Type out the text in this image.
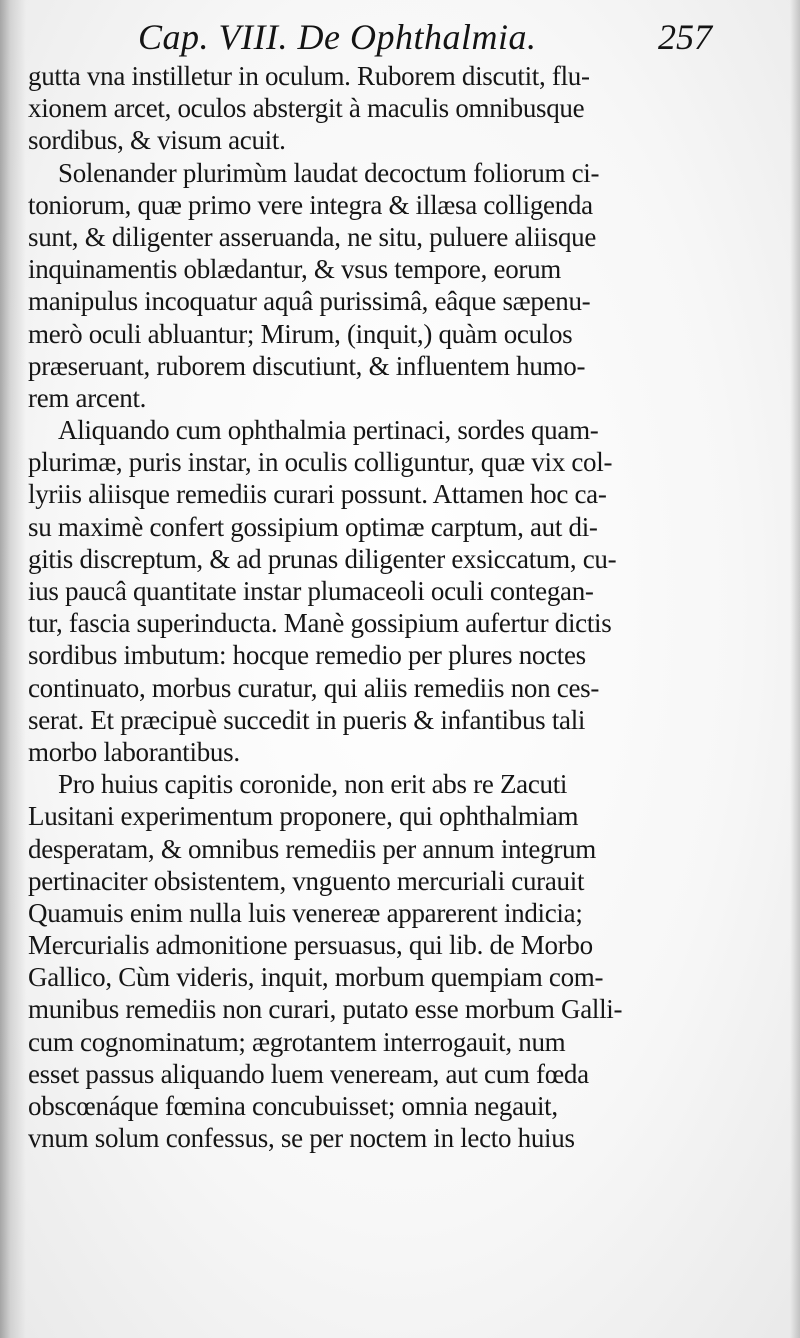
Cap. VIII. De Ophthalmia.	257
gutta vna instilletur in oculum. Ruborem discutit, flu-
xionem arcet, oculos abstergit à maculis omnibusque
sordibus, & visum acuit.
Solenander plurimùm laudat decoctum foliorum ci-
toniorum, quæ primo vere integra & illæsa colligenda
sunt, & diligenter asseruanda, ne situ, puluere aliisque
inquinamentis oblædantur, & vsus tempore, eorum
manipulus incoquatur aquâ purissimâ, eâque sæpenu-
merò oculi abluantur; Mirum, (inquit,) quàm oculos
præseruant, ruborem discutiunt, & influentem humo-
rem arcent.
Aliquando cum ophthalmia pertinaci, sordes quam-
plurimæ, puris instar, in oculis colliguntur, quæ vix col-
lyriis aliisque remediis curari possunt. Attamen hoc ca-
su maximè confert gossipium optimæ carptum, aut di-
gitis discreptum, & ad prunas diligenter exsiccatum, cu-
ius paucâ quantitate instar plumaceoli oculi contegan-
tur, fascia superinducta. Manè gossipium aufertur dictis
sordibus imbutum: hocque remedio per plures noctes
continuato, morbus curatur, qui aliis remediis non ces-
serat. Et præcipuè succedit in pueris & infantibus tali
morbo laborantibus.
Pro huius capitis coronide, non erit abs re Zacuti
Lusitani experimentum proponere, qui ophthalmiam
desperatam, & omnibus remediis per annum integrum
pertinaciter obsistentem, vnguento mercuriali curauit
Quamuis enim nulla luis venereæ apparerent indicia;
Mercurialis admonitione persuasus, qui lib. de Morbo
Gallico, Cùm videris, inquit, morbum quempiam com-
munibus remediis non curari, putato esse morbum Galli-
cum cognominatum; ægrotantem interrogauit, num
esset passus aliquando luem veneream, aut cum fœda
obscœnáque fœmina concubuisset; omnia negauit,
vnum solum confessus, se per noctem in lecto huius
